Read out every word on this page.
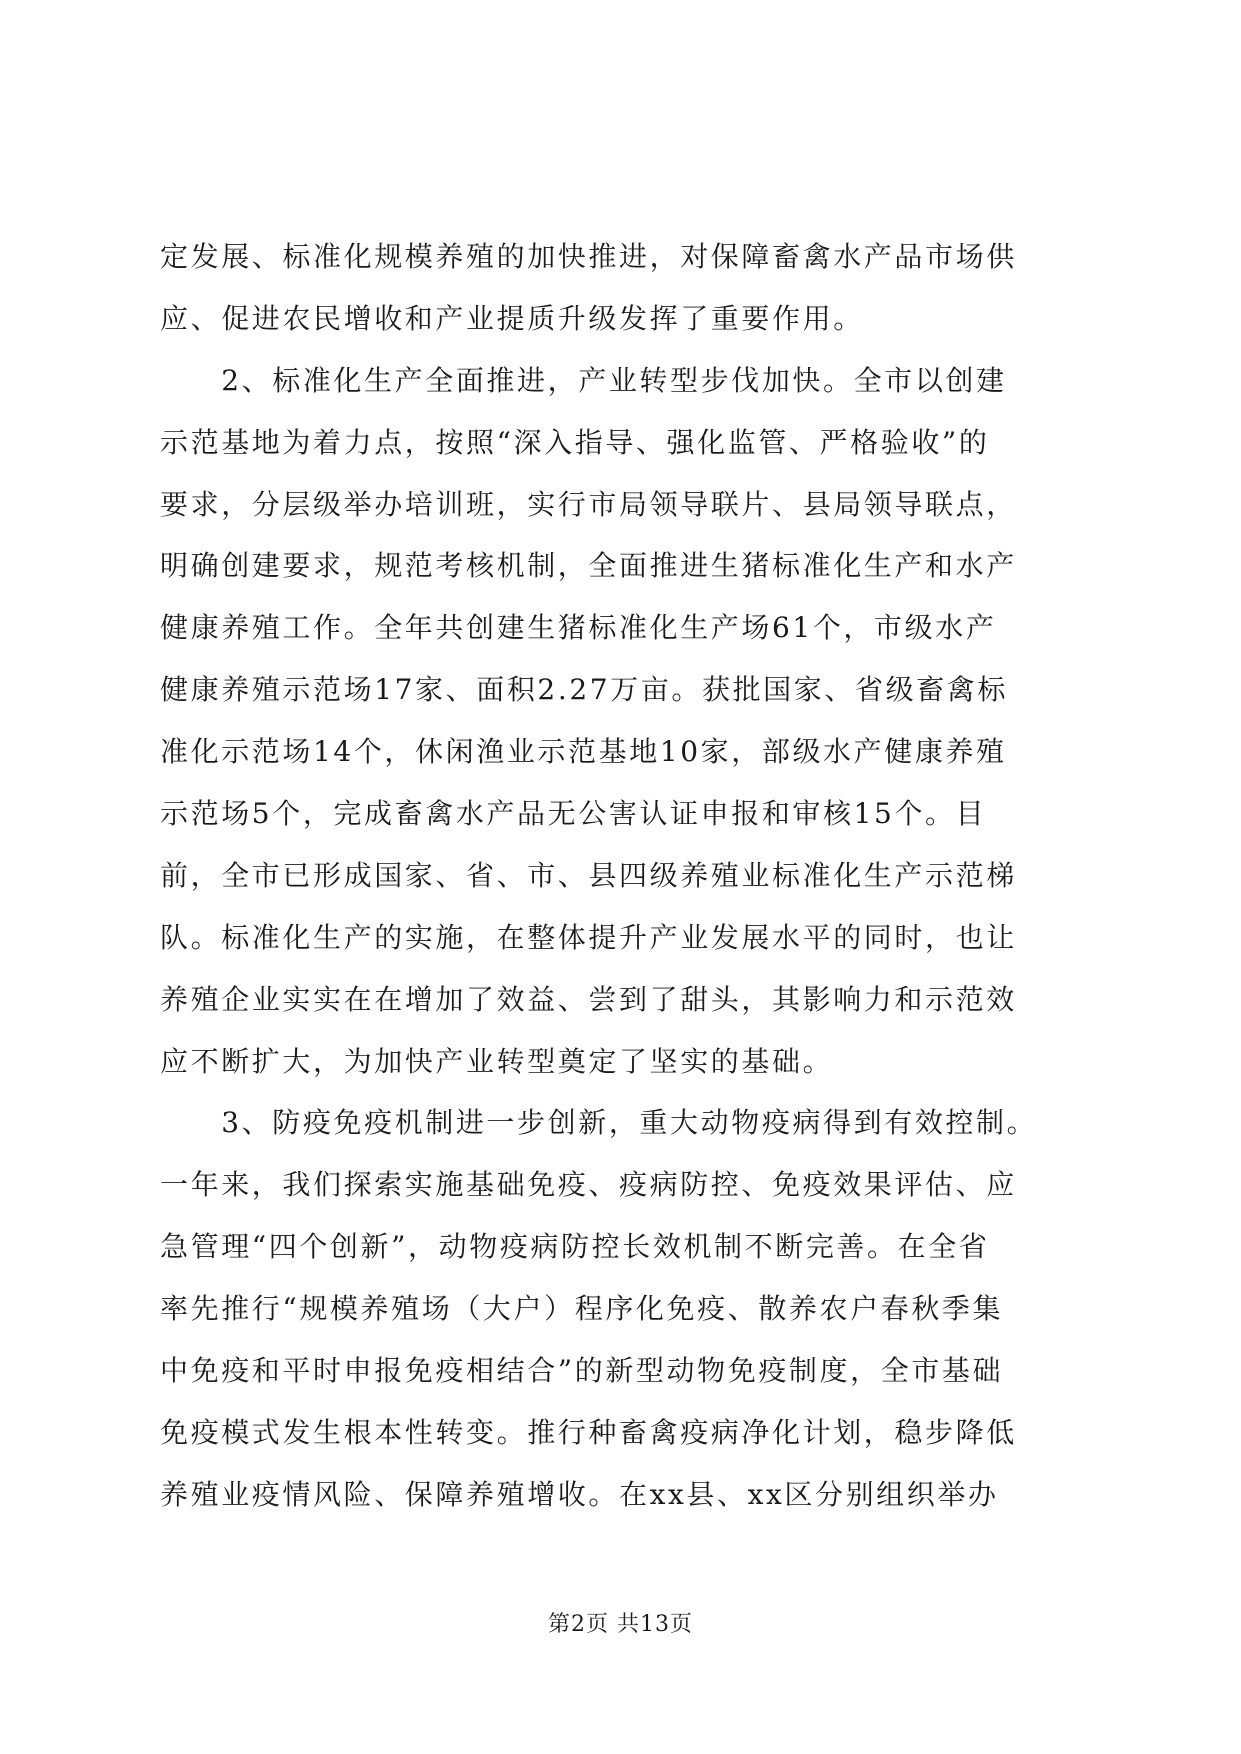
定发展、标准化规模养殖的加快推进，对保障畜禽水产品市场供
应、促进农民增收和产业提质升级发挥了重要作用。
　　2、标准化生产全面推进，产业转型步伐加快。全市以创建
示范基地为着力点，按照“深入指导、强化监管、严格验收”的
要求，分层级举办培训班，实行市局领导联片、县局领导联点，
明确创建要求，规范考核机制，全面推进生猪标准化生产和水产
健康养殖工作。全年共创建生猪标准化生产场61个，市级水产
健康养殖示范场17家、面积2.27万亩。获批国家、省级畜禽标
准化示范场14个，休闲渔业示范基地10家，部级水产健康养殖
示范场5个，完成畜禽水产品无公害认证申报和审核15个。目
前，全市已形成国家、省、市、县四级养殖业标准化生产示范梯
队。标准化生产的实施，在整体提升产业发展水平的同时，也让
养殖企业实实在在增加了效益、尝到了甜头，其影响力和示范效
应不断扩大，为加快产业转型奠定了坚实的基础。
　　3、防疫免疫机制进一步创新，重大动物疫病得到有效控制。
一年来，我们探索实施基础免疫、疫病防控、免疫效果评估、应
急管理“四个创新”，动物疫病防控长效机制不断完善。在全省
率先推行“规模养殖场（大户）程序化免疫、散养农户春秋季集
中免疫和平时申报免疫相结合”的新型动物免疫制度，全市基础
免疫模式发生根本性转变。推行种畜禽疫病净化计划，稳步降低
养殖业疫情风险、保障养殖增收。在xx县、xx区分别组织举办
第2页 共13页
